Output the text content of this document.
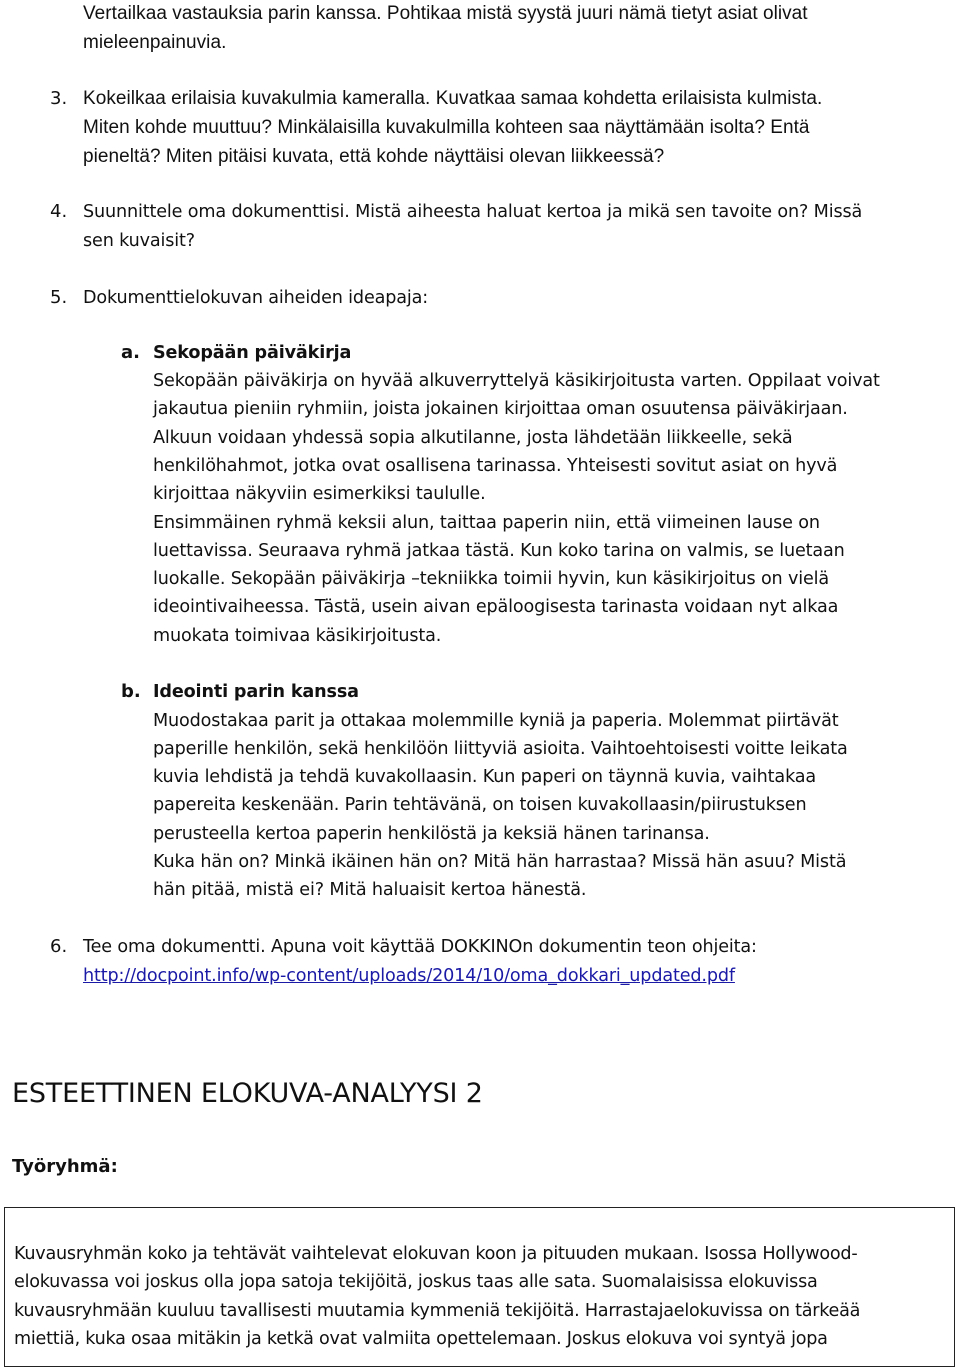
Vertailkaa vastauksia parin kanssa. Pohtikaa mistä syystä juuri nämä tietyt asiat olivat

mieleenpainuvia.

3. Kokeilkaa erilaisia kuvakulmia kameralla. Kuvatkaa samaa kohdetta erilaisista kulmista.

Miten kohde muuttuu? Minkälaisilla kuvakulmilla kohteen saa näyttämään isolta? Entä

pieneltä? Miten pitäisi kuvata, että kohde näyttäisi olevan liikkeessä?

4. Suunnittele oma dokumenttisi. Mistä aiheesta haluat kertoa ja mikä sen tavoite on? Missä

sen kuvaisit?

5. Dokumenttielokuvan aiheiden ideapaja:

a. Sekopään päiväkirja

Sekopään päiväkirja on hyvää alkuverryttelyä käsikirjoitusta varten. Oppilaat voivat

jakautua pieniin ryhmiin, joista jokainen kirjoittaa oman osuutensa päiväkirjaan.

Alkuun voidaan yhdessä sopia alkutilanne, josta lähdetään liikkeelle, sekä

henkilöhahmot, jotka ovat osallisena tarinassa. Yhteisesti sovitut asiat on hyvä

kirjoittaa näkyviin esimerkiksi taululle.

Ensimmäinen ryhmä keksii alun, taittaa paperin niin, että viimeinen lause on

luettavissa. Seuraava ryhmä jatkaa tästä. Kun koko tarina on valmis, se luetaan

luokalle. Sekopään päiväkirja –tekniikka toimii hyvin, kun käsikirjoitus on vielä

ideointivaiheessa. Tästä, usein aivan epäloogisesta tarinasta voidaan nyt alkaa

muokata toimivaa käsikirjoitusta.

b. Ideointi parin kanssa

Muodostakaa parit ja ottakaa molemmille kyniä ja paperia. Molemmat piirtävät

paperille henkilön, sekä henkilöön liittyviä asioita. Vaihtoehtoisesti voitte leikata

kuvia lehdistä ja tehdä kuvakollaasin. Kun paperi on täynnä kuvia, vaihtakaa

papereita keskenään. Parin tehtävänä, on toisen kuvakollaasin/piirustuksen

perusteella kertoa paperin henkilöstä ja keksiä hänen tarinansa.

Kuka hän on? Minkä ikäinen hän on? Mitä hän harrastaa? Missä hän asuu? Mistä

hän pitää, mistä ei? Mitä haluaisit kertoa hänestä.

6. Tee oma dokumentti. Apuna voit käyttää DOKKINOn dokumentin teon ohjeita:

http://docpoint.info/wp-content/uploads/2014/10/oma_dokkari_updated.pdf
ESTEETTINEN ELOKUVA-ANALYYSI 2

Työryhmä:

Kuvausryhmän koko ja tehtävät vaihtelevat elokuvan koon ja pituuden mukaan. Isossa Hollywood-

elokuvassa voi joskus olla jopa satoja tekijöitä, joskus taas alle sata. Suomalaisissa elokuvissa

kuvausryhmään kuuluu tavallisesti muutamia kymmeniä tekijöitä. Harrastajaelokuvissa on tärkeää

miettiä, kuka osaa mitäkin ja ketkä ovat valmiita opettelemaan. Joskus elokuva voi syntyä jopa
